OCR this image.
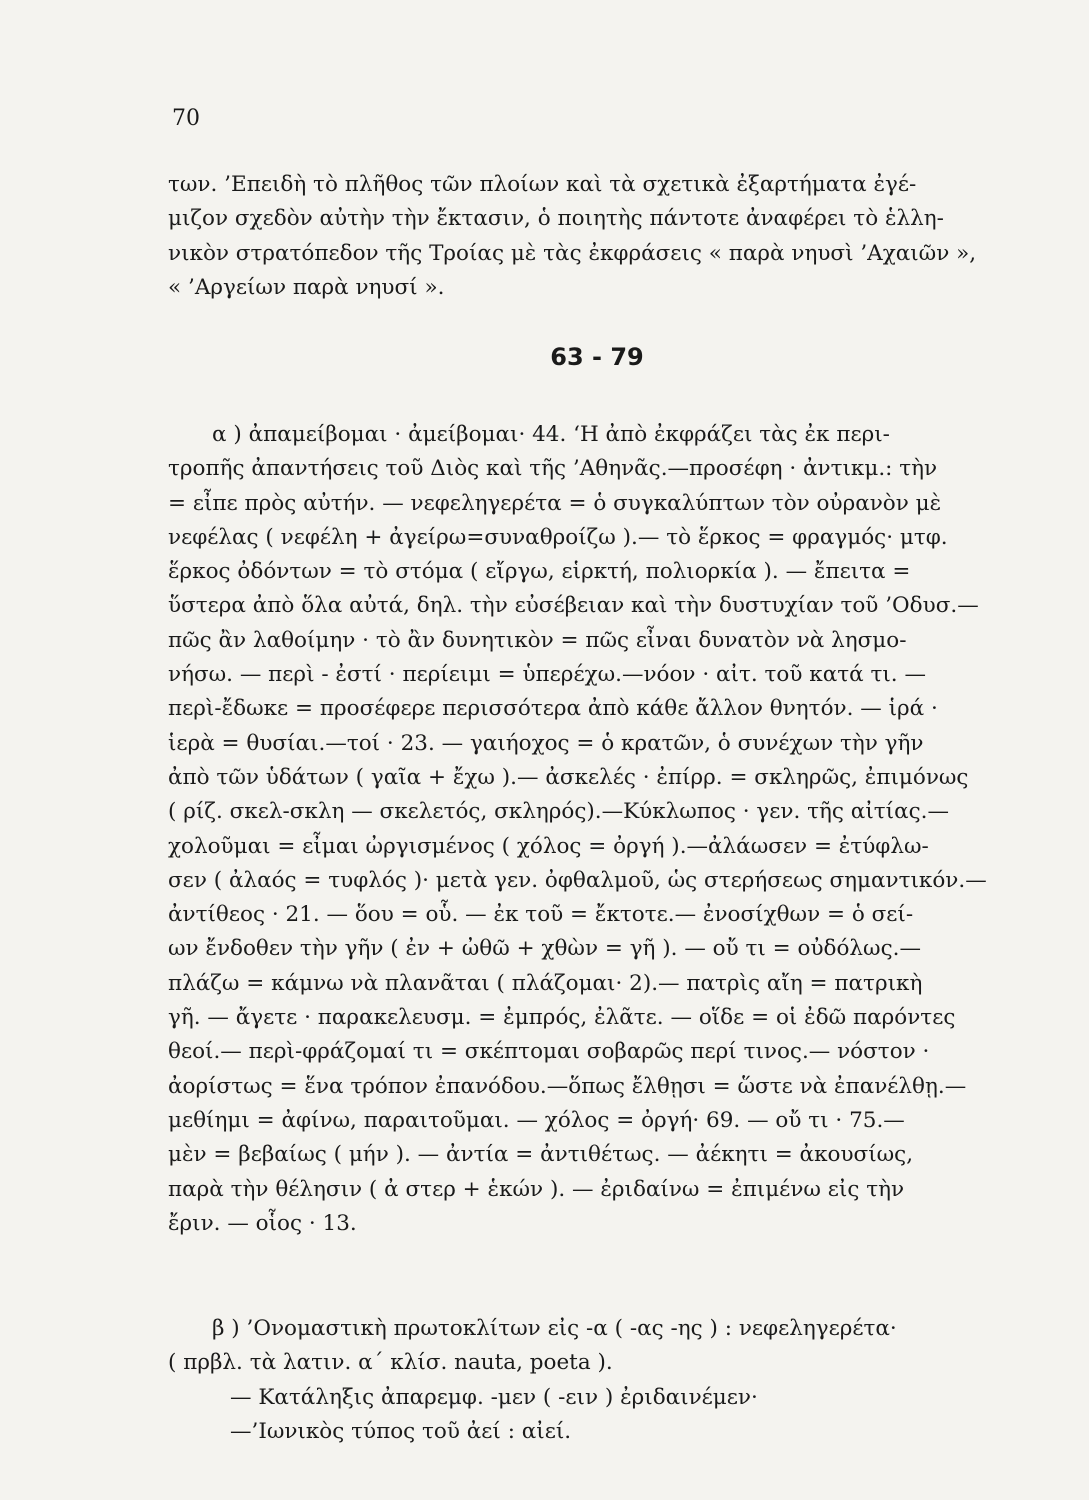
70
των. ’Επειδὴ τὸ πλῆθος τῶν πλοίων καὶ τὰ σχετικὰ ἐξαρτήματα ἐγέ-
μιζον σχεδὸν αὐτὴν τὴν ἔκτασιν, ὁ ποιητὴς πάντοτε ἀναφέρει τὸ ἑλλη-
νικὸν στρατόπεδον τῆς Τροίας μὲ τὰς ἐκφράσεις « παρὰ νηυσὶ ’Αχαιῶν »,
« ’Αργείων παρὰ νηυσί ».
63 - 79
α ) ἀπαμείβομαι · ἀμείβομαι· 44. ‘Η ἀπὸ ἐκφράζει τὰς ἐκ περι-
τροπῆς ἀπαντήσεις τοῦ Διὸς καὶ τῆς ’Αθηνᾶς.—προσέφη · ἀντικμ.: τὴν
= εἶπε πρὸς αὐτήν. — νεφεληγερέτα = ὁ συγκαλύπτων τὸν οὐρανὸν μὲ
νεφέλας ( νεφέλη + ἀγείρω=συναθροίζω ).— τὸ ἕρκος = φραγμός· μτφ.
ἕρκος ὀδόντων = τὸ στόμα ( εἴργω, εἱρκτή, πολιορκία ). — ἔπειτα =
ὕστερα ἀπὸ ὅλα αὐτά, δηλ. τὴν εὐσέβειαν καὶ τὴν δυστυχίαν τοῦ ’Οδυσ.—
πῶς ἂν λαθοίμην · τὸ ἂν δυνητικὸν = πῶς εἶναι δυνατὸν νὰ λησμο-
νήσω. — περὶ - ἐστί · περίειμι = ὑπερέχω.—νόον · αἰτ. τοῦ κατά τι. —
περὶ-ἔδωκε = προσέφερε περισσότερα ἀπὸ κάθε ἄλλον θνητόν. — ἱρά ·
ἱερὰ = θυσίαι.—τοί · 23. — γαιήοχος = ὁ κρατῶν, ὁ συνέχων τὴν γῆν
ἀπὸ τῶν ὑδάτων ( γαῖα + ἔχω ).— ἀσκελές · ἐπίρρ. = σκληρῶς, ἐπιμόνως
( ρίζ. σκελ-σκλη — σκελετός, σκληρός).—Κύκλωπος · γεν. τῆς αἰτίας.—
χολοῦμαι = εἶμαι ὠργισμένος ( χόλος = ὀργή ).—ἀλάωσεν = ἐτύφλω-
σεν ( ἀλαός = τυφλός )· μετὰ γεν. ὀφθαλμοῦ, ὡς στερήσεως σημαντικόν.—
ἀντίθεος · 21. — ὅου = οὗ. — ἐκ τοῦ = ἔκτοτε.— ἐνοσίχθων = ὁ σεί-
ων ἔνδοθεν τὴν γῆν ( ἐν + ὠθῶ + χθὼν = γῆ ). — οὔ τι = οὐδόλως.—
πλάζω = κάμνω νὰ πλανᾶται ( πλάζομαι· 2).— πατρὶς αἴη = πατρικὴ
γῆ. — ἄγετε · παρακελευσμ. = ἐμπρός, ἐλᾶτε. — οἵδε = οἱ ἐδῶ παρόντες
θεοί.— περὶ-φράζομαί τι = σκέπτομαι σοβαρῶς περί τινος.— νόστον ·
ἀορίστως = ἕνα τρόπον ἐπανόδου.—ὅπως ἔλθῃσι = ὥστε νὰ ἐπανέλθῃ.—
μεθίημι = ἀφίνω, παραιτοῦμαι. — χόλος = ὀργή· 69. — οὔ τι · 75.—
μὲν = βεβαίως ( μήν ). — ἀντία = ἀντιθέτως. — ἀέκητι = ἀκουσίως,
παρὰ τὴν θέλησιν ( ἀ στερ + ἑκών ). — ἐριδαίνω = ἐπιμένω εἰς τὴν
ἔριν. — οἷος · 13.
β ) ’Ονομαστικὴ πρωτοκλίτων εἰς -α ( -ας -ης ) : νεφεληγερέτα·
( πρβλ. τὰ λατιν. α΄ κλίσ. nauta, poeta ).
— Κατάληξις ἀπαρεμφ. -μεν ( -ειν ) ἐριδαινέμεν·
—’Ιωνικὸς τύπος τοῦ ἀεί : αἰεί.
